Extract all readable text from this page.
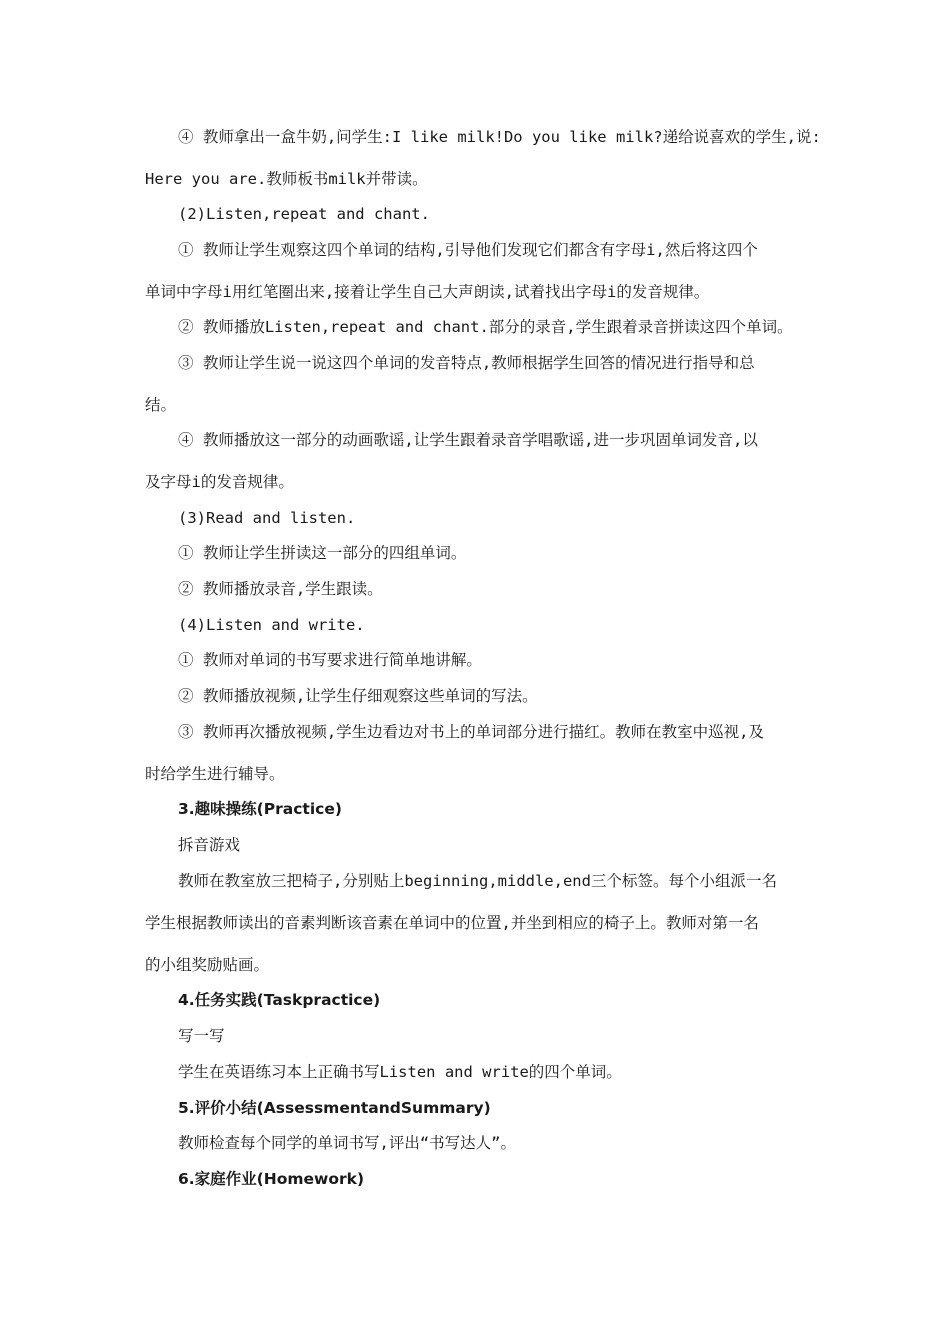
④ 教师拿出一盒牛奶,问学生:I like milk!Do you like milk?递给说喜欢的学生,说:
Here you are.教师板书milk并带读。
(2)Listen,repeat and chant.
① 教师让学生观察这四个单词的结构,引导他们发现它们都含有字母i,然后将这四个
单词中字母i用红笔圈出来,接着让学生自己大声朗读,试着找出字母i的发音规律。
② 教师播放Listen,repeat and chant.部分的录音,学生跟着录音拼读这四个单词。
③ 教师让学生说一说这四个单词的发音特点,教师根据学生回答的情况进行指导和总
结。
④ 教师播放这一部分的动画歌谣,让学生跟着录音学唱歌谣,进一步巩固单词发音,以
及字母i的发音规律。
(3)Read and listen.
① 教师让学生拼读这一部分的四组单词。
② 教师播放录音,学生跟读。
(4)Listen and write.
① 教师对单词的书写要求进行简单地讲解。
② 教师播放视频,让学生仔细观察这些单词的写法。
③ 教师再次播放视频,学生边看边对书上的单词部分进行描红。教师在教室中巡视,及
时给学生进行辅导。
3.趣味操练(Practice)
拆音游戏
教师在教室放三把椅子,分别贴上beginning,middle,end三个标签。每个小组派一名
学生根据教师读出的音素判断该音素在单词中的位置,并坐到相应的椅子上。教师对第一名
的小组奖励贴画。
4.任务实践(Taskpractice)
写一写
学生在英语练习本上正确书写Listen and write的四个单词。
5.评价小结(AssessmentandSummary)
教师检查每个同学的单词书写,评出“书写达人”。
6.家庭作业(Homework)
